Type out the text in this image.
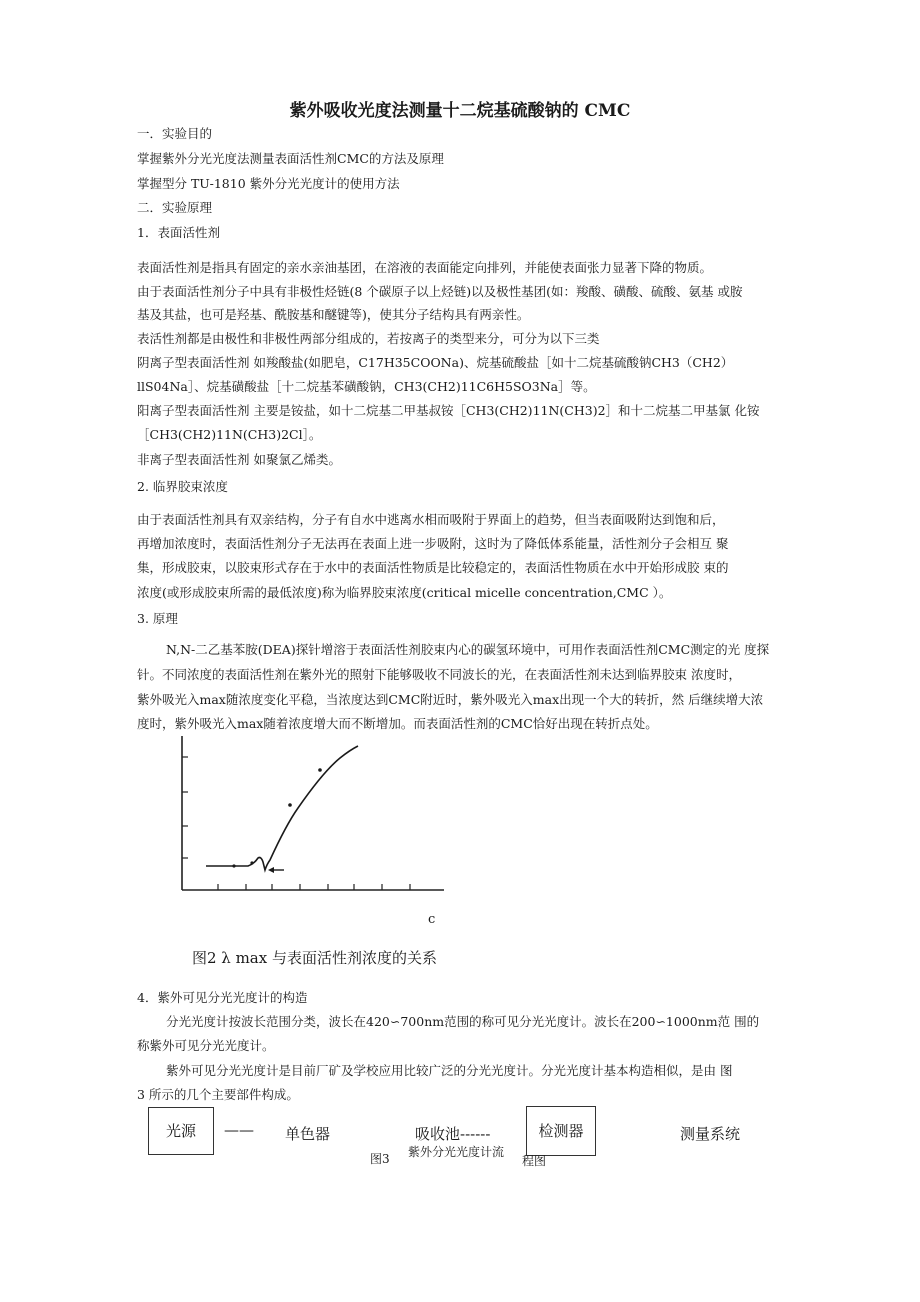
紫外吸收光度法测量十二烷基硫酸钠的 CMC
一．实验目的
掌握紫外分光光度法测量表面活性剂CMC的方法及原理
掌握型分 TU-1810 紫外分光光度计的使用方法
二．实验原理
1．表面活性剂
表面活性剂是指具有固定的亲水亲油基团，在溶液的表面能定向排列，并能使表面张力显著下降的物质。
由于表面活性剂分子中具有非极性烃链(8 个碳原子以上烃链)以及极性基团(如：羧酸、磺酸、硫酸、氨基 或胺
基及其盐，也可是羟基、酰胺基和醚键等)，使其分子结构具有两亲性。
表活性剂都是由极性和非极性两部分组成的，若按离子的类型来分，可分为以下三类
阴离子型表面活性剂 如羧酸盐(如肥皂，C17H35COONa)、烷基硫酸盐［如十二烷基硫酸钠CH3（CH2）
llS04Na］、烷基磺酸盐［十二烷基苯磺酸钠，CH3(CH2)11C6H5SO3Na］等。
阳离子型表面活性剂 主要是铵盐，如十二烷基二甲基叔铵［CH3(CH2)11N(CH3)2］和十二烷基二甲基氯 化铵
［CH3(CH2)11N(CH3)2Cl］。
非离子型表面活性剂 如聚氯乙烯类。
2. 临界胶束浓度
由于表面活性剂具有双亲结构，分子有自水中逃离水相而吸附于界面上的趋势，但当表面吸附达到饱和后，
再增加浓度时，表面活性剂分子无法再在表面上进一步吸附，这时为了降低体系能量，活性剂分子会相互 聚
集，形成胶束，以胶束形式存在于水中的表面活性物质是比较稳定的，表面活性物质在水中开始形成胶 束的
浓度(或形成胶束所需的最低浓度)称为临界胶束浓度(critical micelle concentration,CMC ）。
3. 原理
N,N-二乙基苯胺(DEA)探针增溶于表面活性剂胶束内心的碳氢环境中，可用作表面活性剂CMC测定的光 度探
针。不同浓度的表面活性剂在紫外光的照射下能够吸收不同波长的光，在表面活性剂未达到临界胶束 浓度时，
紫外吸光入max随浓度变化平稳，当浓度达到CMC附近时，紫外吸光入max出现一个大的转折，然 后继续增大浓
度时，紫外吸光入max随着浓度增大而不断增加。而表面活性剂的CMC恰好出现在转折点处。
c
图2 λ max 与表面活性剂浓度的关系
4．紫外可见分光光度计的构造
分光光度计按波长范围分类，波长在420∽700nm范围的称可见分光光度计。波长在200∽1000nm范 围的
称紫外可见分光光度计。
紫外可见分光光度计是目前厂矿及学校应用比较广泛的分光光度计。分光光度计基本构造相似，是由 图
3 所示的几个主要部件构成。
光源	—— 单色器	吸收池------	检测器	测量系统
图3 紫外分光光度计流
程图
